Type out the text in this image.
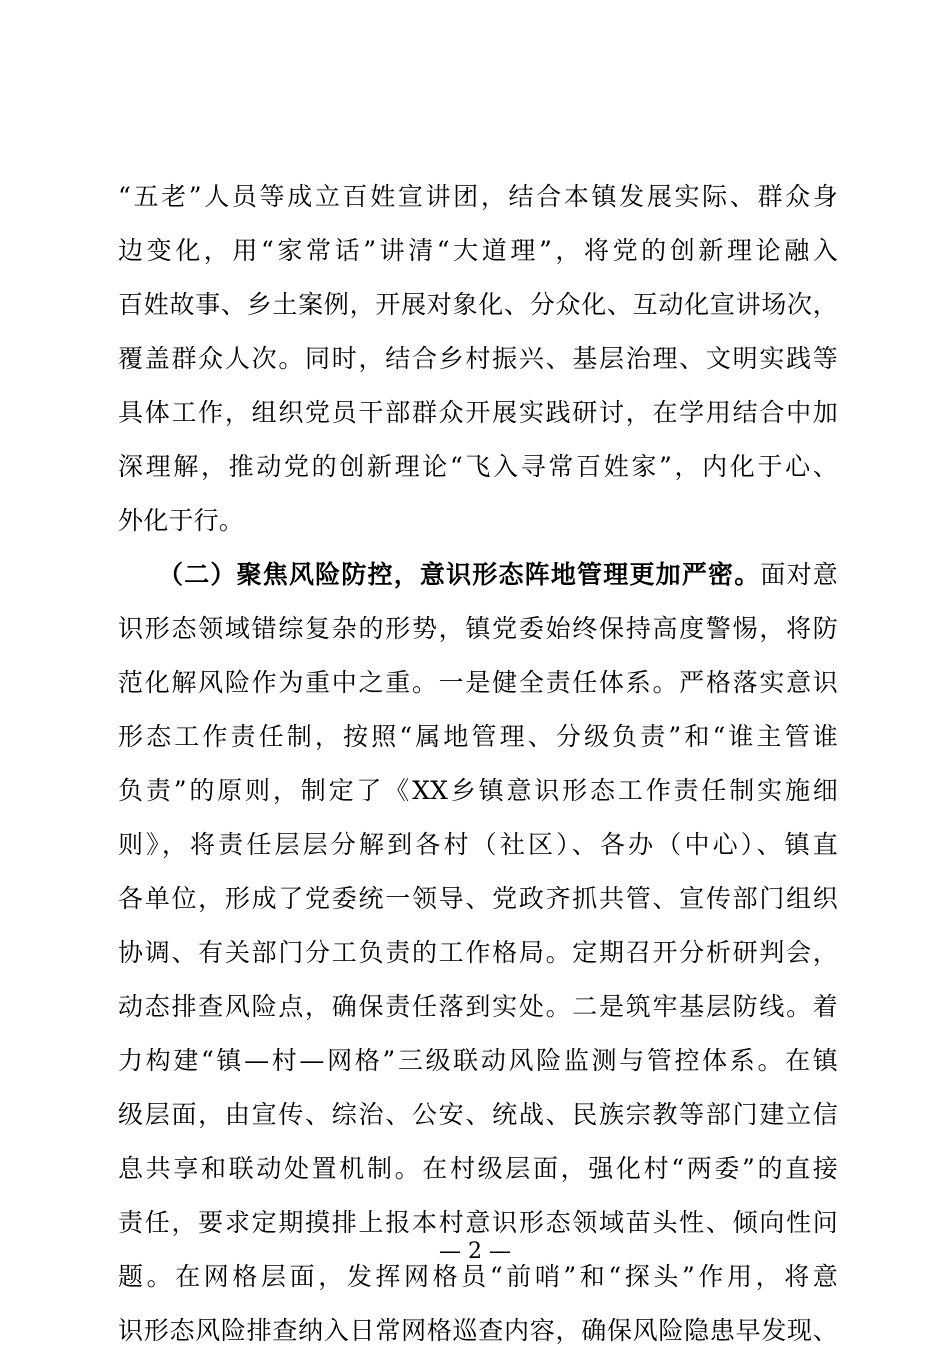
“五老”人员等成立百姓宣讲团，结合本镇发展实际、群众身
边变化，用“家常话”讲清“大道理”，将党的创新理论融入
百姓故事、乡土案例，开展对象化、分众化、互动化宣讲场次，
覆盖群众人次。同时，结合乡村振兴、基层治理、文明实践等
具体工作，组织党员干部群众开展实践研讨，在学用结合中加
深理解，推动党的创新理论“飞入寻常百姓家”，内化于心、
外化于行。
（二）聚焦风险防控，意识形态阵地管理更加严密。面对意
识形态领域错综复杂的形势，镇党委始终保持高度警惕，将防
范化解风险作为重中之重。一是健全责任体系。严格落实意识
形态工作责任制，按照“属地管理、分级负责”和“谁主管谁
负责”的原则，制定了《XX乡镇意识形态工作责任制实施细
则》，将责任层层分解到各村（社区）、各办（中心）、镇直
各单位，形成了党委统一领导、党政齐抓共管、宣传部门组织
协调、有关部门分工负责的工作格局。定期召开分析研判会，
动态排查风险点，确保责任落到实处。二是筑牢基层防线。着
力构建“镇—村—网格”三级联动风险监测与管控体系。在镇
级层面，由宣传、综治、公安、统战、民族宗教等部门建立信
息共享和联动处置机制。在村级层面，强化村“两委”的直接
责任，要求定期摸排上报本村意识形态领域苗头性、倾向性问
题。在网格层面，发挥网格员“前哨”和“探头”作用，将意
识形态风险排查纳入日常网格巡查内容，确保风险隐患早发现、
— 2 —
